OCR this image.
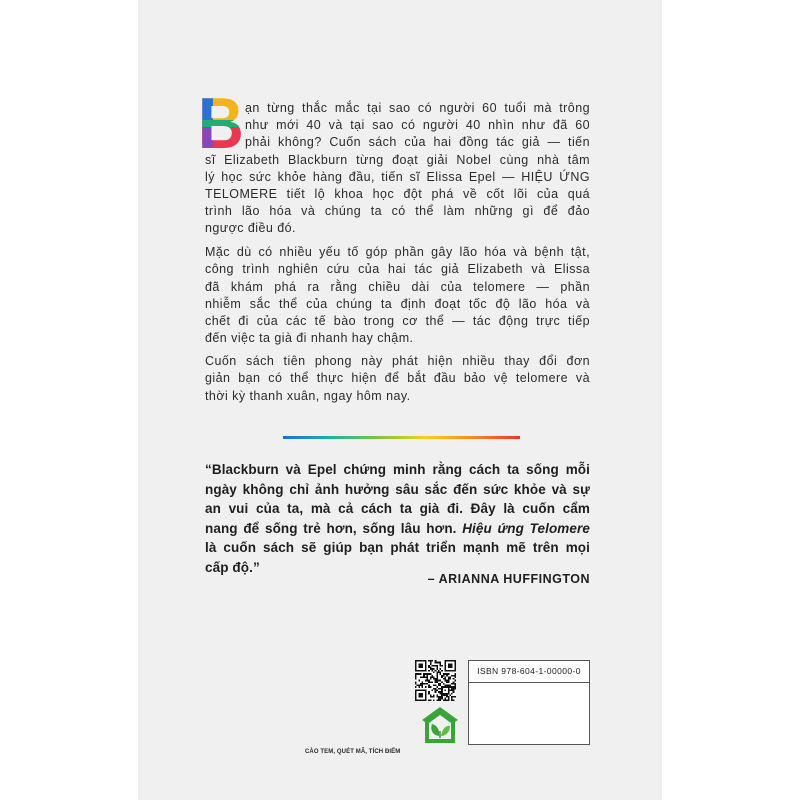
B ạn từng thắc mắc tại sao có người 60 tuổi mà trông
như mới 40 và tại sao có người 40 nhìn như đã 60
phải không? Cuốn sách của hai đồng tác giả — tiến
sĩ Elizabeth Blackburn từng đoạt giải Nobel cùng nhà tâm
lý học sức khỏe hàng đầu, tiến sĩ Elissa Epel — HIỆU ỨNG
TELOMERE tiết lộ khoa học đột phá về cốt lõi của quá
trình lão hóa và chúng ta có thể làm những gì để đảo
ngược điều đó.
Mặc dù có nhiều yếu tố góp phần gây lão hóa và bệnh tật,
công trình nghiên cứu của hai tác giả Elizabeth và Elissa
đã khám phá ra rằng chiều dài của telomere — phần
nhiễm sắc thể của chúng ta định đoạt tốc độ lão hóa và
chết đi của các tế bào trong cơ thể — tác động trực tiếp
đến việc ta già đi nhanh hay chậm.
Cuốn sách tiên phong này phát hiện nhiều thay đổi đơn
giản bạn có thể thực hiện để bắt đầu bảo vệ telomere và
thời kỳ thanh xuân, ngay hôm nay.
“Blackburn và Epel chứng minh rằng cách ta sống mỗi
ngày không chỉ ảnh hưởng sâu sắc đến sức khỏe và sự
an vui của ta, mà cả cách ta già đi. Đây là cuốn cẩm
nang để sống trẻ hơn, sống lâu hơn. Hiệu ứng Telomere
là cuốn sách sẽ giúp bạn phát triển mạnh mẽ trên mọi
cấp độ.”
– ARIANNA HUFFINGTON
ISBN 978-604-1-00000-0
CÀO TEM, QUÉT MÃ, TÍCH ĐIỂM
